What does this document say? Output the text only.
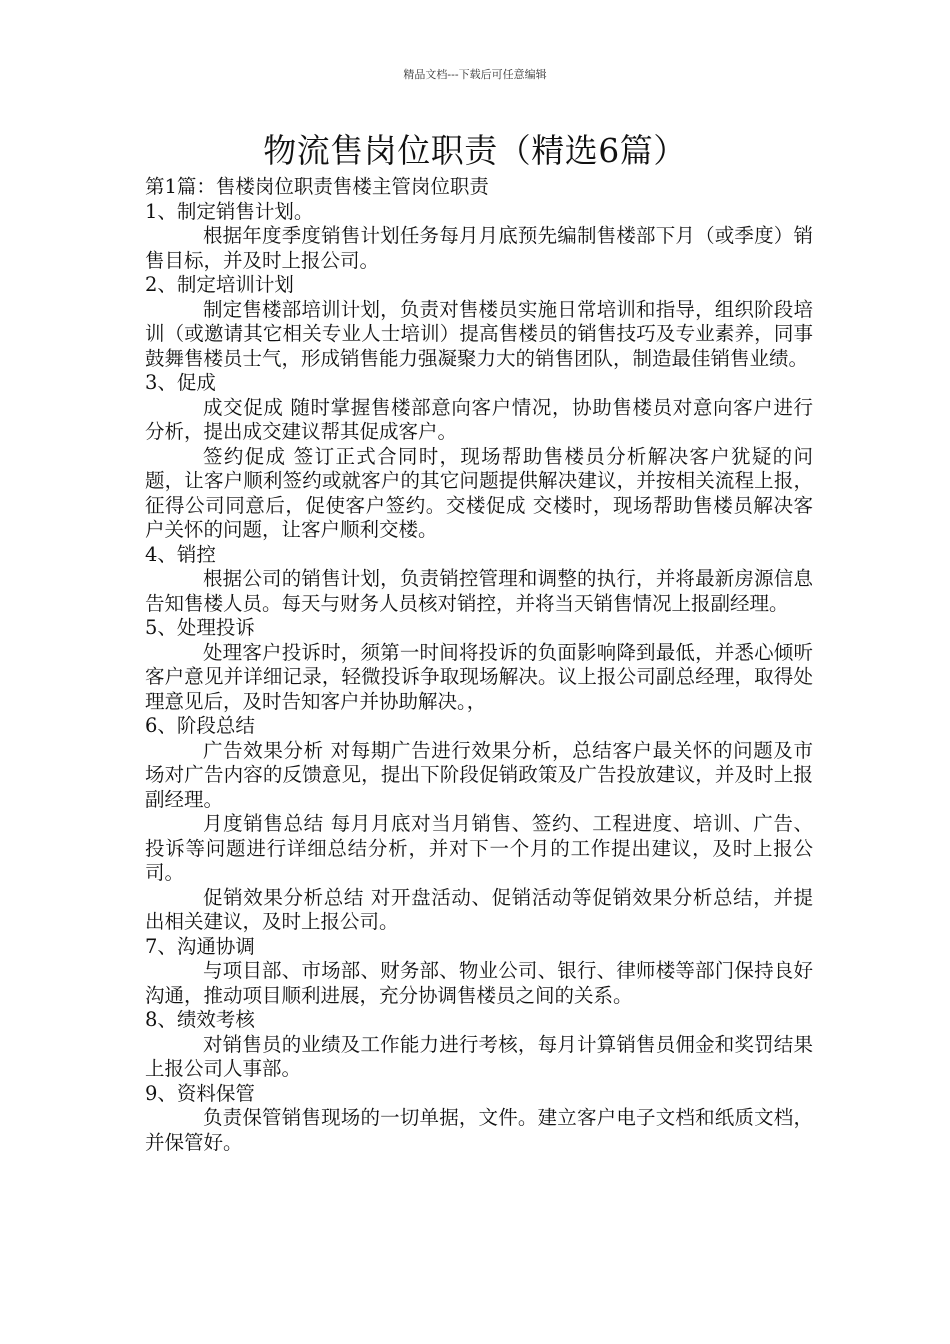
精品文档---下载后可任意编辑
物流售岗位职责（精选6篇）

第1篇：售楼岗位职责售楼主管岗位职责

1、制定销售计划。

根据年度季度销售计划任务每月月底预先编制售楼部下月（或季度）销售目标，并及时上报公司。

2、制定培训计划

制定售楼部培训计划，负责对售楼员实施日常培训和指导，组织阶段培训（或邀请其它相关专业人士培训）提高售楼员的销售技巧及专业素养，同事鼓舞售楼员士气，形成销售能力强凝聚力大的销售团队，制造最佳销售业绩。

3、促成

成交促成 随时掌握售楼部意向客户情况，协助售楼员对意向客户进行分析，提出成交建议帮其促成客户。

签约促成 签订正式合同时，现场帮助售楼员分析解决客户犹疑的问题，让客户顺利签约或就客户的其它问题提供解决建议，并按相关流程上报，征得公司同意后，促使客户签约。交楼促成 交楼时，现场帮助售楼员解决客户关怀的问题，让客户顺利交楼。

4、销控

根据公司的销售计划，负责销控管理和调整的执行，并将最新房源信息告知售楼人员。每天与财务人员核对销控，并将当天销售情况上报副经理。

5、处理投诉

处理客户投诉时，须第一时间将投诉的负面影响降到最低，并悉心倾听客户意见并详细记录，轻微投诉争取现场解决。议上报公司副总经理，取得处理意见后，及时告知客户并协助解决。，

6、阶段总结

广告效果分析 对每期广告进行效果分析，总结客户最关怀的问题及市场对广告内容的反馈意见，提出下阶段促销政策及广告投放建议，并及时上报副经理。

月度销售总结 每月月底对当月销售、签约、工程进度、培训、广告、投诉等问题进行详细总结分析，并对下一个月的工作提出建议，及时上报公司。

促销效果分析总结 对开盘活动、促销活动等促销效果分析总结，并提出相关建议，及时上报公司。

7、沟通协调

与项目部、市场部、财务部、物业公司、银行、律师楼等部门保持良好沟通，推动项目顺利进展，充分协调售楼员之间的关系。

8、绩效考核

对销售员的业绩及工作能力进行考核，每月计算销售员佣金和奖罚结果上报公司人事部。

9、资料保管

负责保管销售现场的一切单据，文件。建立客户电子文档和纸质文档，并保管好。
